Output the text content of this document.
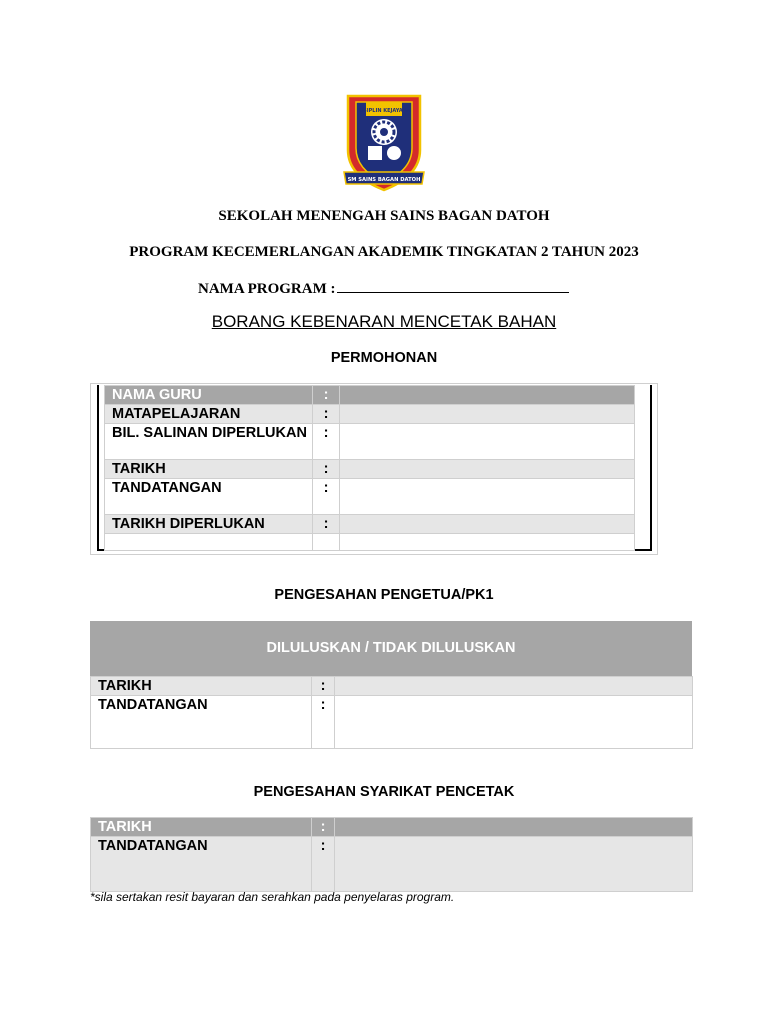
DISIPLIN KEJAYAAN
SM SAINS BAGAN DATOH
SEKOLAH MENENGAH SAINS BAGAN DATOH
PROGRAM KECEMERLANGAN AKADEMIK TINGKATAN 2 TAHUN 2023
NAMA PROGRAM :
BORANG KEBENARAN MENCETAK BAHAN
PERMOHONAN
NAMA GURU	:	
MATAPELAJARAN	:	
BIL. SALINAN DIPERLUKAN	:	
TARIKH	:	
TANDATANGAN	:	
TARIKH DIPERLUKAN	:	

PENGESAHAN PENGETUA/PK1
DILULUSKAN / TIDAK DILULUSKAN
TARIKH	:	
TANDATANGAN	:	
PENGESAHAN SYARIKAT PENCETAK
TARIKH	:	
TANDATANGAN	:	
*sila sertakan resit bayaran dan serahkan pada penyelaras program.
